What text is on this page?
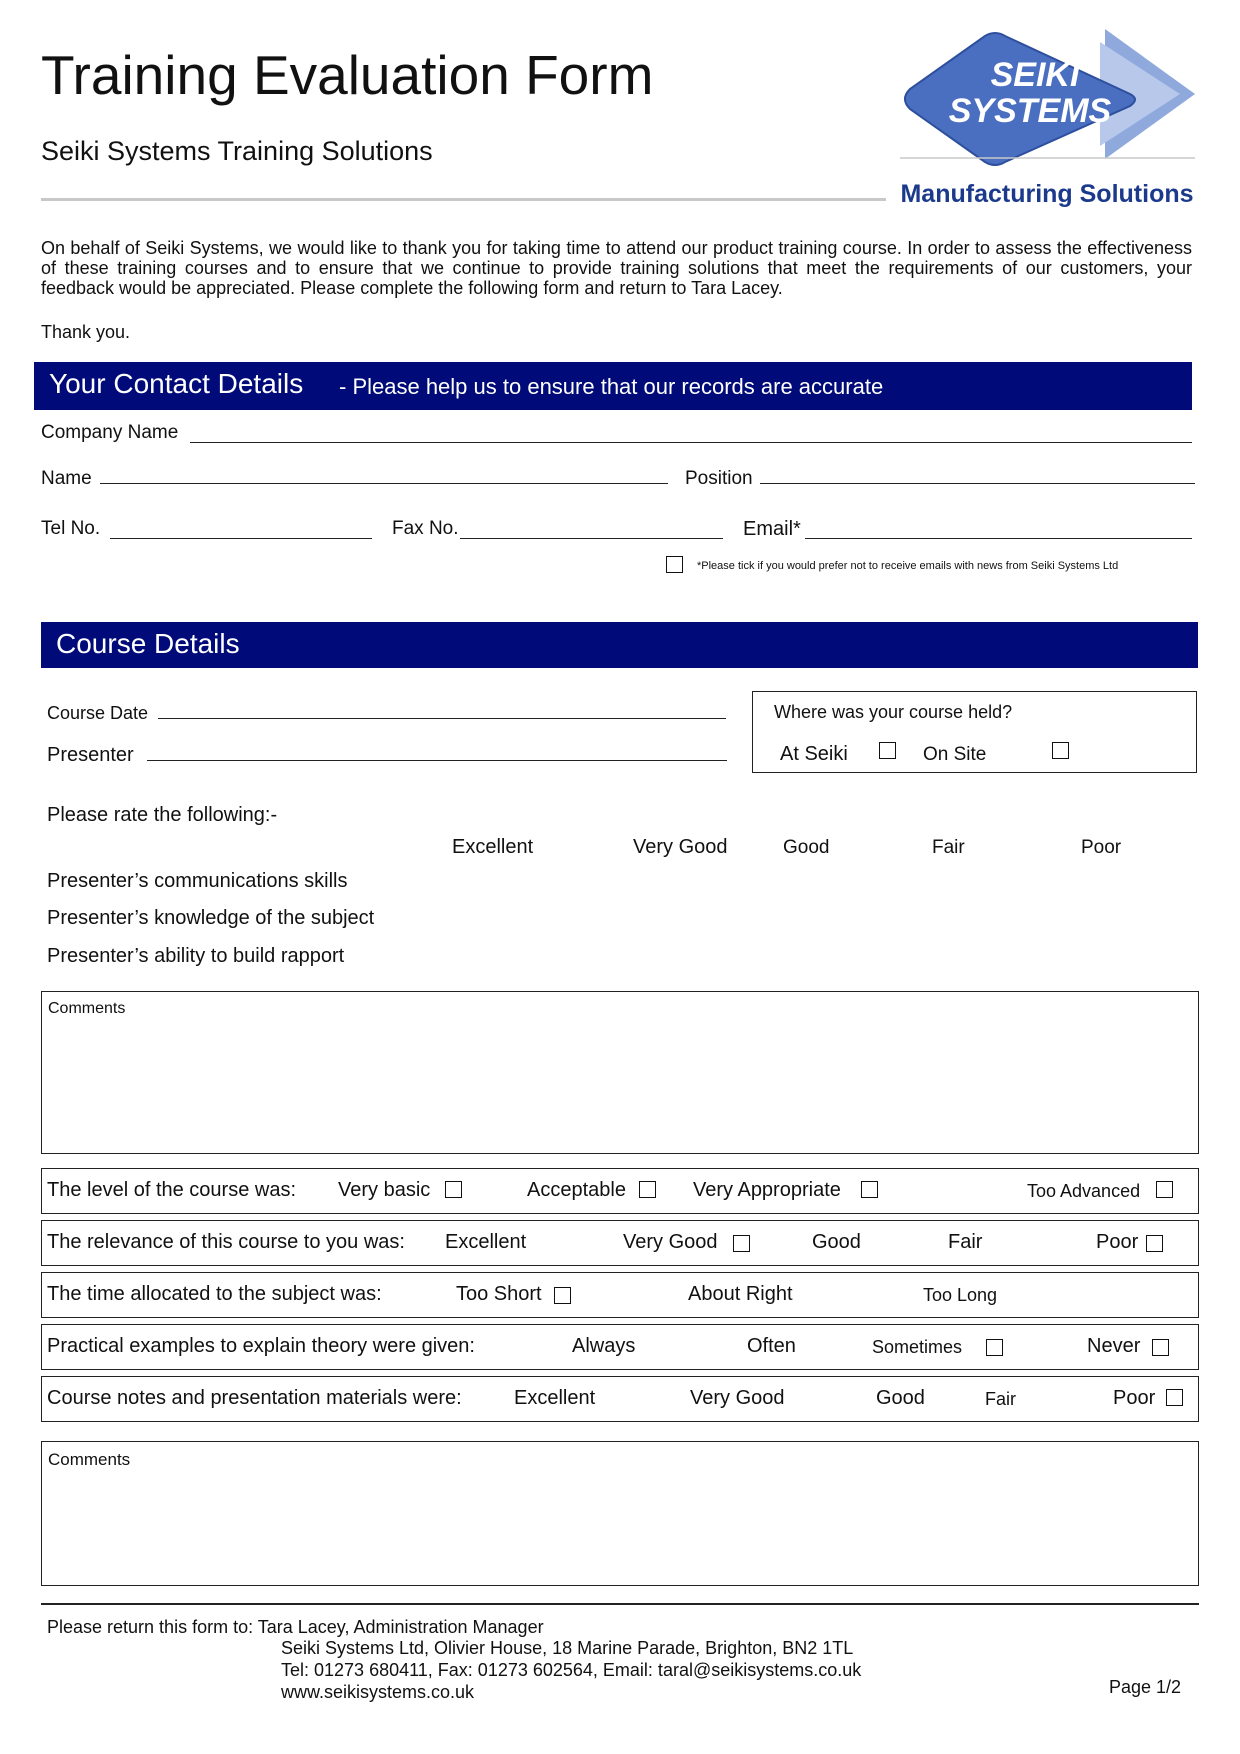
Training Evaluation Form
Seiki Systems Training Solutions
SEIKI
SYSTEMS
Manufacturing Solutions
On behalf of Seiki Systems, we would like to thank you for taking time to attend our product training course. In order to assess the effectiveness of these training courses and to ensure that we continue to provide training solutions that meet the requirements of our customers, your feedback would be appreciated. Please complete the following form and return to Tara Lacey.
Thank you.
Your Contact Details - Please help us to ensure that our records are accurate
Company Name
Name	Position
Tel No.	Fax No.	Email*
*Please tick if you would prefer not to receive emails with news from Seiki Systems Ltd
Course Details
Course Date
Presenter
Where was your course held?
At Seiki	On Site
Please rate the following:-
Excellent	Very Good	Good	Fair	Poor
Presenter’s communications skills
Presenter’s knowledge of the subject
Presenter’s ability to build rapport
Comments
The level of the course was: Very basic	Acceptable	Very Appropriate	Too Advanced
The relevance of this course to you was: Excellent	Very Good	Good	Fair	Poor
The time allocated to the subject was:	Too Short	About Right	Too Long
Practical examples to explain theory were given:	Always	Often	Sometimes	Never
Course notes and presentation materials were:	Excellent	Very Good	Good	Fair	Poor
Comments
Please return this form to: Tara Lacey, Administration Manager
Seiki Systems Ltd, Olivier House, 18 Marine Parade, Brighton, BN2 1TL
Tel: 01273 680411, Fax: 01273 602564, Email: taral@seikisystems.co.uk
www.seikisystems.co.uk	Page 1/2
